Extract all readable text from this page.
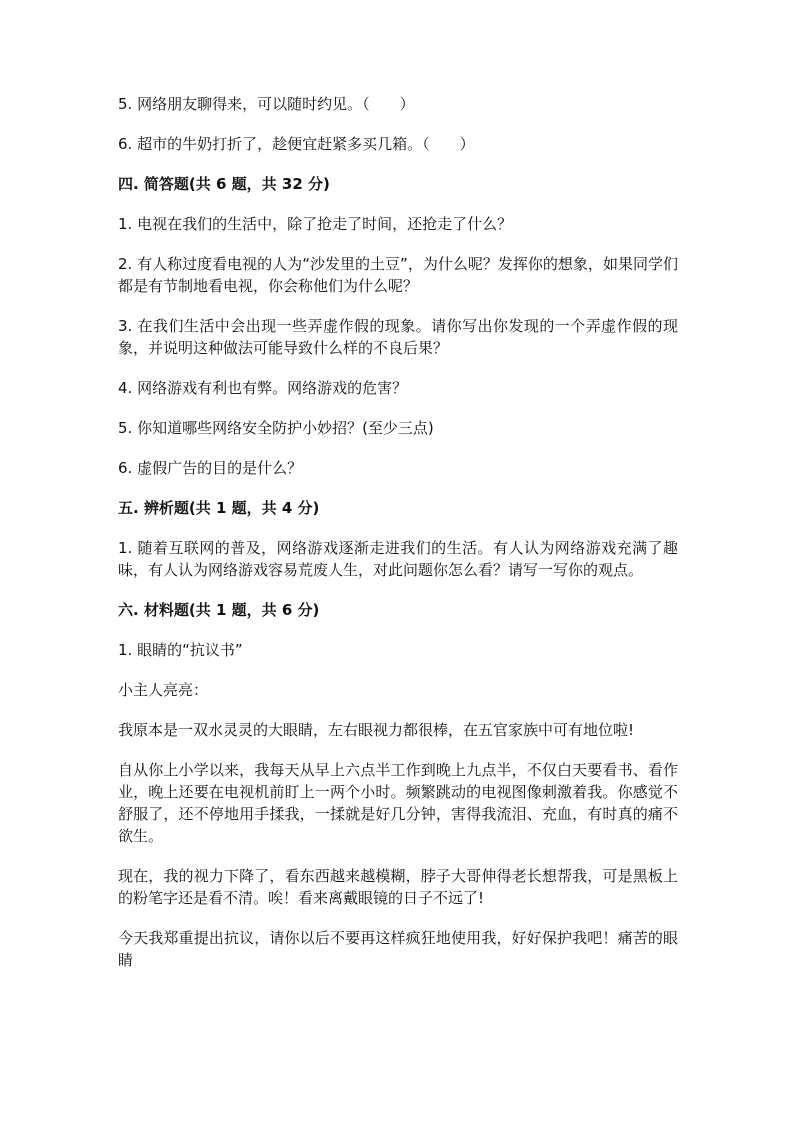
5. 网络朋友聊得来，可以随时约见。（　　）

6. 超市的牛奶打折了，趁便宜赶紧多买几箱。（　　）

四. 简答题(共 6 题，共 32 分)

1. 电视在我们的生活中，除了抢走了时间，还抢走了什么？

2. 有人称过度看电视的人为“沙发里的土豆”，为什么呢？发挥你的想象，如果同学们都是有节制地看电视，你会称他们为什么呢？

3. 在我们生活中会出现一些弄虚作假的现象。请你写出你发现的一个弄虚作假的现象，并说明这种做法可能导致什么样的不良后果？

4. 网络游戏有利也有弊。网络游戏的危害？

5. 你知道哪些网络安全防护小妙招？(至少三点)

6. 虚假广告的目的是什么？

五. 辨析题(共 1 题，共 4 分)

1. 随着互联网的普及，网络游戏逐渐走进我们的生活。有人认为网络游戏充满了趣味，有人认为网络游戏容易荒废人生，对此问题你怎么看？请写一写你的观点。

六. 材料题(共 1 题，共 6 分)

1. 眼睛的“抗议书”

小主人亮亮：

我原本是一双水灵灵的大眼睛，左右眼视力都很棒，在五官家族中可有地位啦!

自从你上小学以来，我每天从早上六点半工作到晚上九点半，不仅白天要看书、看作业，晚上还要在电视机前盯上一两个小时。频繁跳动的电视图像刺激着我。你感觉不舒服了，还不停地用手揉我，一揉就是好几分钟，害得我流泪、充血，有时真的痛不欲生。

现在，我的视力下降了，看东西越来越模糊，脖子大哥伸得老长想帮我，可是黑板上的粉笔字还是看不清。唉！看来离戴眼镜的日子不远了!

今天我郑重提出抗议，请你以后不要再这样疯狂地使用我，好好保护我吧！痛苦的眼睛
